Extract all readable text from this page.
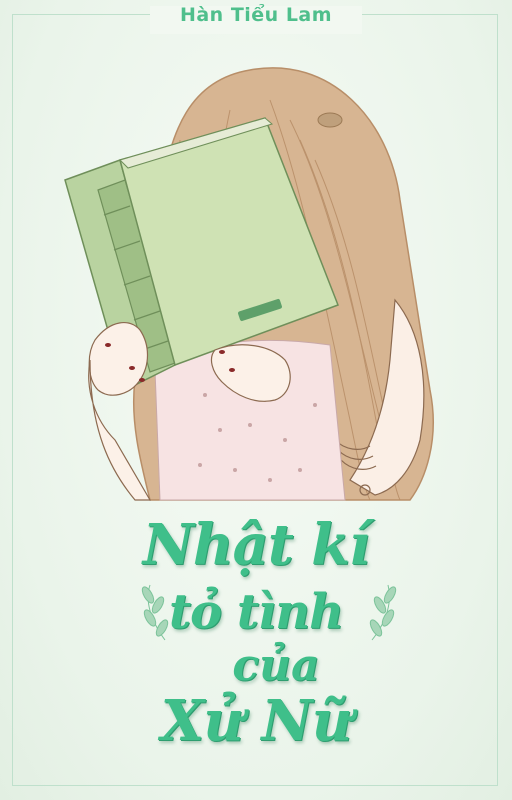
Hàn Tiểu Lam
Nhật kí
tỏ tình
của
Xử Nữ
